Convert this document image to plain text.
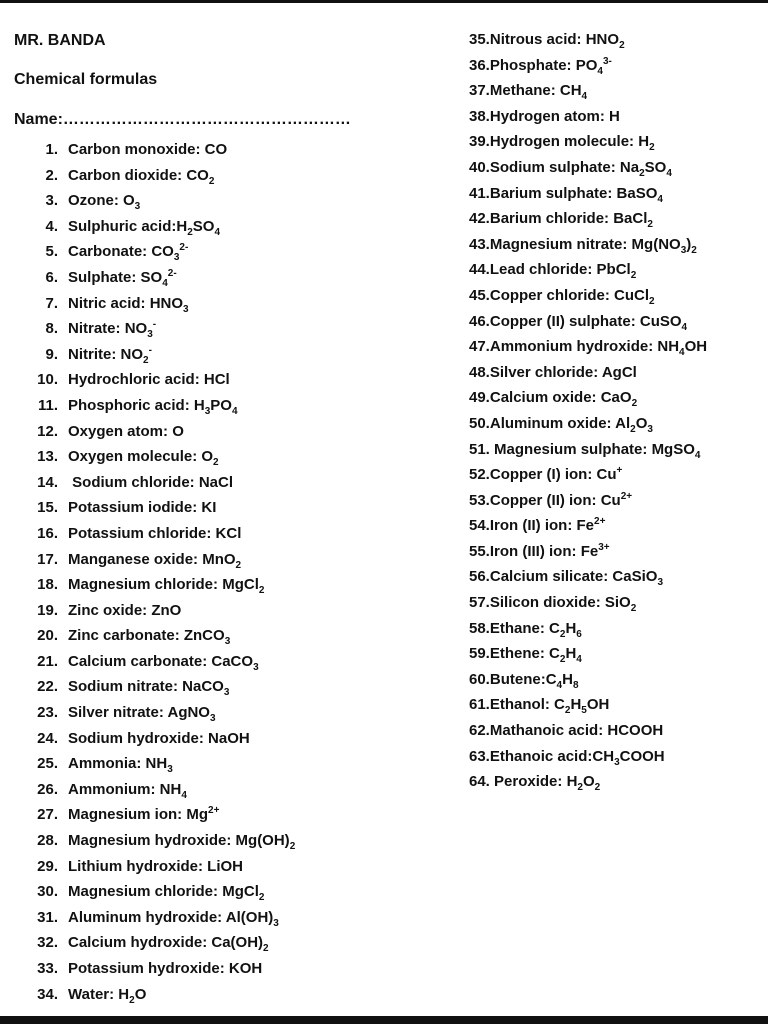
MR. BANDA
Chemical formulas
Name:………………………………………………
1. Carbon monoxide: CO
2. Carbon dioxide: $CO_2$
3. Ozone: $O_3$
4. Sulphuric $acid:H_2SO_4$
5. Carbonate: $CO_3^{2-}$
6. Sulphate: $SO_4^{2-}$
7. Nitric acid: $HNO_3$
8. Nitrate: $NO_3^-$
9. Nitrite: $NO_2^-$
10. Hydrochloric acid: HCl
11. Phosphoric acid: $H_3PO_4$
12. Oxygen atom: O
13. Oxygen molecule: $O_2$
14. Sodium chloride: NaCl
15. Potassium iodide: KI
16. Potassium chloride: KCl
17. Manganese oxide: MnO$_2$
18. Magnesium chloride: MgCl$_2$
19. Zinc oxide: ZnO
20. Zinc carbonate: ZnCO$_3$
21. Calcium carbonate: CaCO$_3$
22. Sodium nitrate: NaCO$_3$
23. Silver nitrate: AgNO$_3$
24. Sodium hydroxide: NaOH
25. Ammonia: $NH_3$
26. Ammonium: $NH_4$
27. Magnesium ion: $Mg^{2+}$
28. Magnesium hydroxide: $Mg(OH)_2$
29. Lithium hydroxide: LiOH
30. Magnesium chloride: MgCl$_2$
31. Aluminum hydroxide: $Al(OH)_3$
32. Calcium hydroxide: $Ca(OH)_2$
33. Potassium hydroxide: KOH
34. Water: $H_2O$
35.Nitrous acid: $HNO_2$
36.Phosphate: $PO_4^{3-}$
37.Methane: $CH_4$
38.Hydrogen atom: H
39.Hydrogen molecule: $H_2$
40.Sodium sulphate: $Na_2SO_4$
41.Barium sulphate: BaSO$_4$
42.Barium chloride: BaCl$_2$
43.Magnesium nitrate: $Mg(NO_3)_2$
44.Lead chloride: PbCl$_2$
45.Copper chloride: CuCl$_2$
46.Copper (II) sulphate: CuSO$_4$
47.Ammonium hydroxide: $NH_4OH$
48.Silver chloride: AgCl
49.Calcium oxide: CaO$_2$
50.Aluminum oxide: $Al_2O_3$
51. Magnesium sulphate: MgSO$_4$
52.Copper (I) ion: Cu+
53.Copper (II) ion: $Cu^{2+}$
54.Iron (II) ion: $Fe^{2+}$
55.Iron (III) ion: $Fe^{3+}$
56.Calcium silicate: CaSiO$_3$
57.Silicon dioxide: SiO$_2$
58.Ethane: $C_2H_6$
59.Ethene: $C_2H_4$
$60.Butene:C_4H_8$
61.Ethanol: $C_2H_5OH$
62.Mathanoic acid: HCOOH
63.Ethanoic $acid:CH_3COOH$
64. Peroxide: $H_2O_2$
